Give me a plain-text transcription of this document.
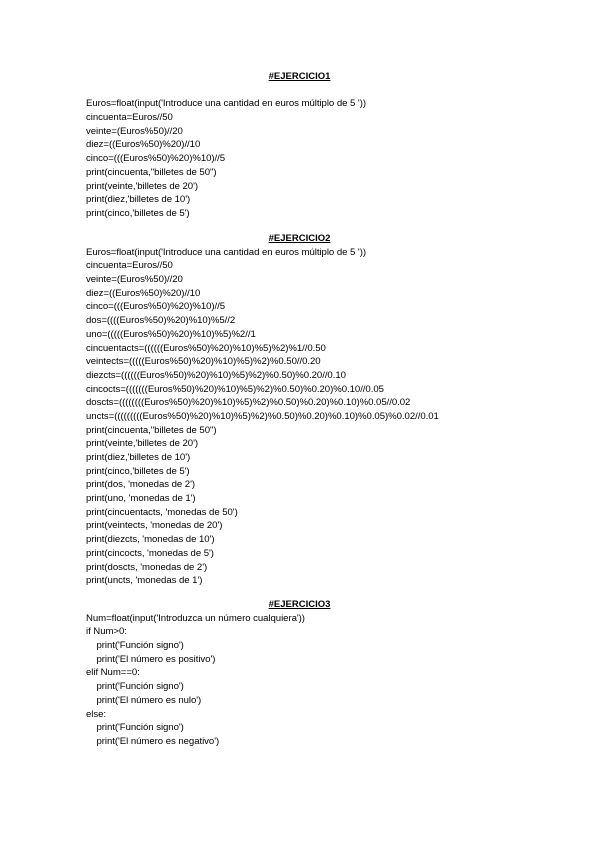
#EJERCICIO1
Euros=float(input('Introduce una cantidad en euros múltiplo de 5 '))
cincuenta=Euros//50
veinte=(Euros%50)//20
diez=((Euros%50)%20)//10
cinco=(((Euros%50)%20)%10)//5
print(cincuenta,"billetes de 50")
print(veinte,'billetes de 20')
print(diez,'billetes de 10')
print(cinco,'billetes de 5')
#EJERCICIO2
Euros=float(input('Introduce una cantidad en euros múltiplo de 5 '))
cincuenta=Euros//50
veinte=(Euros%50)//20
diez=((Euros%50)%20)//10
cinco=(((Euros%50)%20)%10)//5
dos=((((Euros%50)%20)%10)%5//2
uno=(((((Euros%50)%20)%10)%5)%2//1
cincuentacts=((((((Euros%50)%20)%10)%5)%2)%1//0.50
veintects=(((((Euros%50)%20)%10)%5)%2)%0.50//0.20
diezcts=((((((Euros%50)%20)%10)%5)%2)%0.50)%0.20//0.10
cincocts=(((((((Euros%50)%20)%10)%5)%2)%0.50)%0.20)%0.10//0.05
doscts=((((((((Euros%50)%20)%10)%5)%2)%0.50)%0.20)%0.10)%0.05//0.02
uncts=(((((((((Euros%50)%20)%10)%5)%2)%0.50)%0.20)%0.10)%0.05)%0.02//0.01
print(cincuenta,"billetes de 50")
print(veinte,'billetes de 20')
print(diez,'billetes de 10')
print(cinco,'billetes de 5')
print(dos, 'monedas de 2')
print(uno, 'monedas de 1')
print(cincuentacts, 'monedas de 50')
print(veintects, 'monedas de 20')
print(diezcts, 'monedas de 10')
print(cincocts, 'monedas de 5')
print(doscts, 'monedas de 2')
print(uncts, 'monedas de 1')
#EJERCICIO3
Num=float(input('Introduzca un número cualquiera'))
if Num>0:
print('Función signo')
print('El número es positivo')
elif Num==0:
print('Función signo')
print('El número es nulo')
else:
print('Función signo')
print('El número es negativo')
